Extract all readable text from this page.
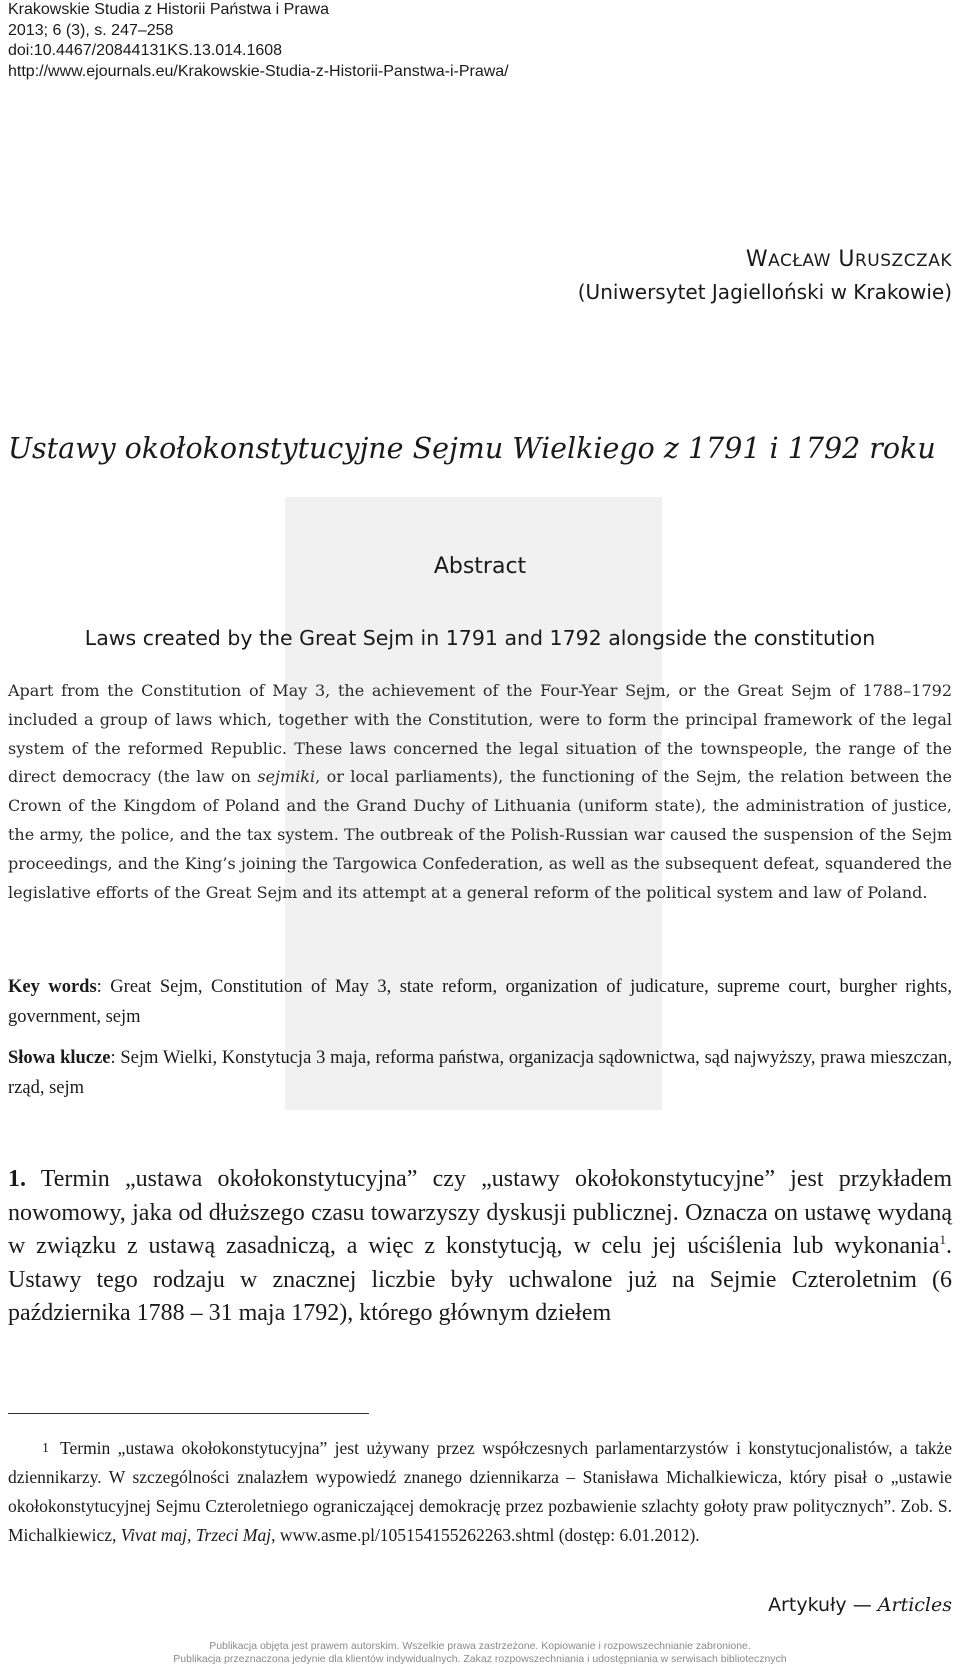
Krakowskie Studia z Historii Państwa i Prawa
2013; 6 (3), s. 247–258
doi:10.4467/20844131KS.13.014.1608
http://www.ejournals.eu/Krakowskie-Studia-z-Historii-Panstwa-i-Prawa/
WACŁAW URUSZCZAK
(Uniwersytet Jagielloński w Krakowie)
Ustawy okołokonstytucyjne Sejmu Wielkiego z 1791 i 1792 roku
Abstract
Laws created by the Great Sejm in 1791 and 1792 alongside the constitution
Apart from the Constitution of May 3, the achievement of the Four-Year Sejm, or the Great Sejm of 1788–1792 included a group of laws which, together with the Constitution, were to form the principal framework of the legal system of the reformed Republic. These laws concerned the legal situation of the townspeople, the range of the direct democracy (the law on sejmiki, or local parliaments), the functioning of the Sejm, the relation between the Crown of the Kingdom of Poland and the Grand Duchy of Lithuania (uniform state), the administration of justice, the army, the police, and the tax system. The outbreak of the Polish-Russian war caused the suspension of the Sejm proceedings, and the King’s joining the Targowica Confederation, as well as the subsequent defeat, squandered the legislative efforts of the Great Sejm and its attempt at a general reform of the political system and law of Poland.
Key words: Great Sejm, Constitution of May 3, state reform, organization of judicature, supreme court, burgher rights, government, sejm
Słowa klucze: Sejm Wielki, Konstytucja 3 maja, reforma państwa, organizacja sądownictwa, sąd najwyższy, prawa mieszczan, rząd, sejm
1. Termin „ustawa okołokonstytucyjna” czy „ustawy okołokonstytucyjne” jest przykładem nowomowy, jaka od dłuższego czasu towarzyszy dyskusji publicznej. Oznacza on ustawę wydaną w związku z ustawą zasadniczą, a więc z konstytucją, w celu jej uściślenia lub wykonania$^1$. Ustawy tego rodzaju w znacznej liczbie były uchwalone już na Sejmie Czteroletnim (6 października 1788 – 31 maja 1792), którego głównym dziełem
1 Termin „ustawa okołokonstytucyjna” jest używany przez współczesnych parlamentarzystów i konstytucjonalistów, a także dziennikarzy. W szczególności znalazłem wypowiedź znanego dziennikarza – Stanisława Michalkiewicza, który pisał o „ustawie okołokonstytucyjnej Sejmu Czteroletniego ograniczającej demokrację przez pozbawienie szlachty gołoty praw politycznych”. Zob. S. Michalkiewicz, Vivat maj, Trzeci Maj, www.asme.pl/105154155262263.shtml (dostęp: 6.01.2012).
Artykuły — Articles
Publikacja objęta jest prawem autorskim. Wszelkie prawa zastrzeżone. Kopiowanie i rozpowszechnianie zabronione.
Publikacja przeznaczona jedynie dla klientów indywidualnych. Zakaz rozpowszechniania i udostępniania w serwisach bibliotecznych
